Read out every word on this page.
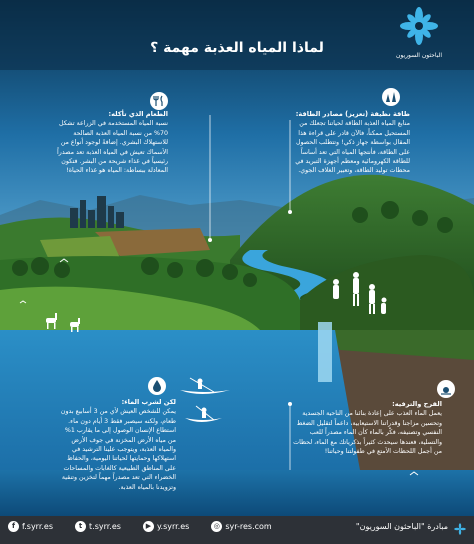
الباحثون السوريون
لماذا المياه العذبة مهمة ؟
الطعام الذي تأكله:
نسبة المياه المستخدمة في الزراعة تشكل 70% من نسبة المياه العذبة الصالحة للاستهلاك البشري. إضافةً لوجود أنواع من الأسماك تعيش في المياه العذبة تعد مصدراً رئيسياً في غذاء شريحة من البشر. فتكون المعادلة ببساطة: المياه هو غذاء الحياة!
طاقة نظيفة (تعزيز) مصادر الطاقة:
منابع المياه العذبة الطاقة لحياتنا تجعلك من المستحيل ممكناً، فالآن قادر على قراءة هذا المقال بواسطة جهاز ذكي! وتتطلب الحصول على الطاقة، فأنتجها المياه التي تعد أساساً للطاقة الكهرومائية ومعظم أجهزة التبريد في محطات توليد الطاقة، وتعبير الغلاف الجوي.
لكن لشرب الماء:
يمكن للشخص العيش لأي من 3 أسابيع بدون طعام، ولكنه سيصبر فقط 3 أيام دون ماء. استطاع الإنسان الوصول إلى ما يقارب 1% من مياه الأرض المخزنة في جوف الأرض والمياه العذبة، ويتوجب علينا الترشيد في استهلاكها وحمايتها لحياتنا اليومية، والحفاظ على المناطق الطبيعية كالغابات والمساحات الخضراء التي تعد مصدراً مهماً لتخزين وتنقية وتزويدنا بالمياه العذبة.
الفرح والترفيه:
يعمل الماء العذب على إعادة بنائنا من الناحية الجسدية وتحسين مزاجنا وقدراتنا الاستيعابية، داعماً لتقليل الضغط النفسي وتصنيفه، فكّر بالماء كأن الماء مصدراً للعب والتسلية، فعندها سيحدث كثيراً بذكرياتك مع الماء، لحظات من أجمل اللحظات الأمتع في طفولتنا وحياتنا!
f f.syrr.es	t t.syrr.es	▶ y.syrr.es	◎ syr-res.com	مبادرة "الباحثون السوريون"
